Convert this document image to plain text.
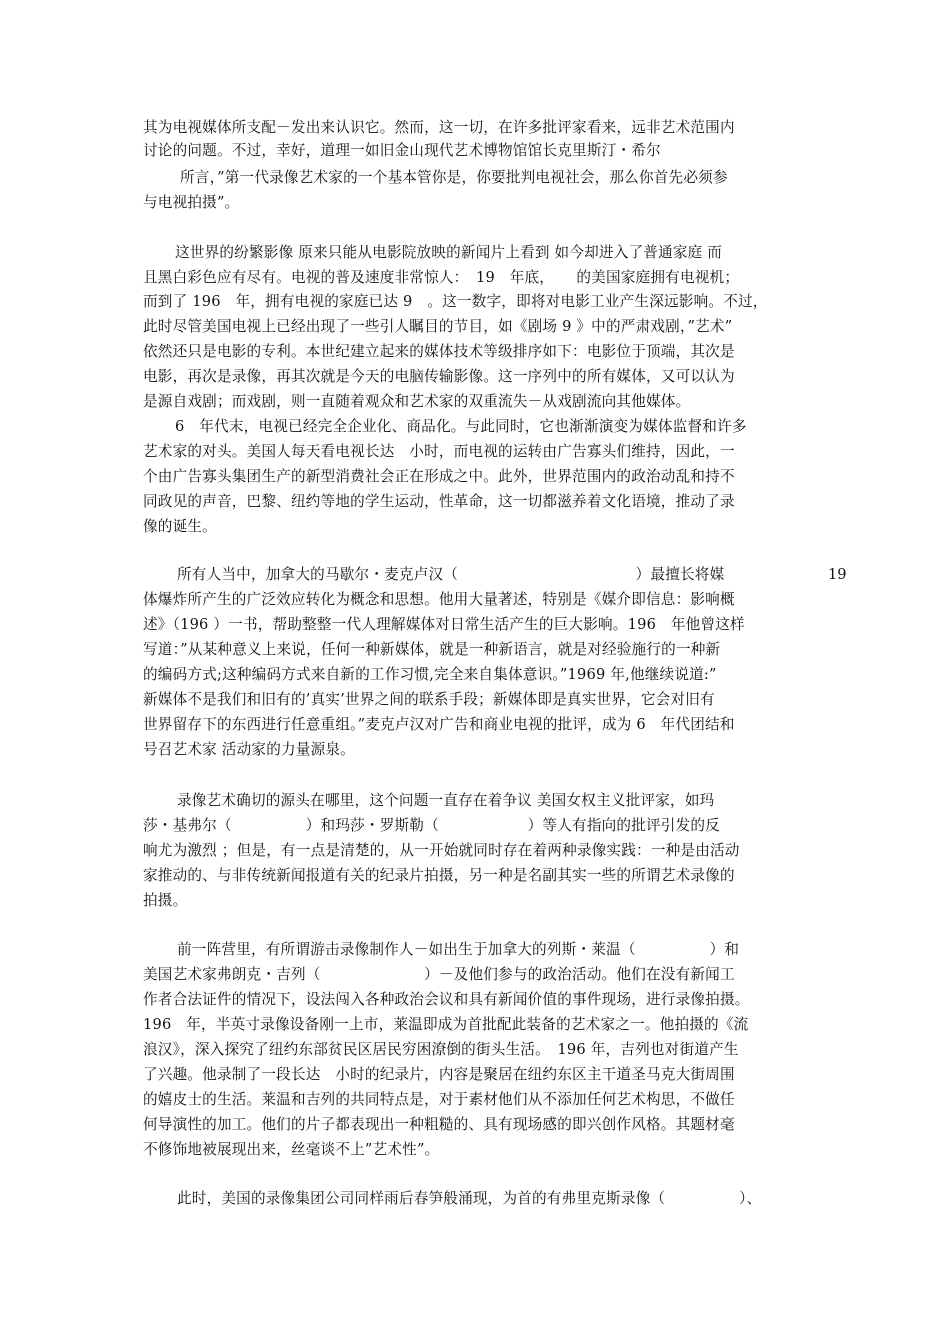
其为电视媒体所支配－发出来认识它。然而，这一切，在许多批评家看来，远非艺术范围内
讨论的问题。不过，幸好，道理一如旧金山现代艺术博物馆馆长克里斯汀・希尔
所言，”第一代录像艺术家的一个基本管你是，你要批判电视社会，那么你首先必须参
与电视拍摄”。
这世界的纷繁影像 原来只能从电影院放映的新闻片上看到 如今却进入了普通家庭 而
且黑白彩色应有尽有。电视的普及速度非常惊人：　19　年底，　　的美国家庭拥有电视机；
而到了 196　年，拥有电视的家庭已达 9　。这一数字，即将对电影工业产生深远影响。不过，
此时尽管美国电视上已经出现了一些引人瞩目的节目，如《剧场 9 》中的严肃戏剧，”艺术”
依然还只是电影的专利。本世纪建立起来的媒体技术等级排序如下：电影位于顶端，其次是
电影，再次是录像，再其次就是今天的电脑传输影像。这一序列中的所有媒体，又可以认为
是源自戏剧；而戏剧，则一直随着观众和艺术家的双重流失－从戏剧流向其他媒体。
6　年代末，电视已经完全企业化、商品化。与此同时，它也渐渐演变为媒体监督和许多
艺术家的对头。美国人每天看电视长达　小时，而电视的运转由广告寡头们维持，因此，一
个由广告寡头集团生产的新型消费社会正在形成之中。此外，世界范围内的政治动乱和持不
同政见的声音，巴黎、纽约等地的学生运动，性革命，这一切都滋养着文化语境，推动了录
像的诞生。
所有人当中，加拿大的马歇尔・麦克卢汉（　　　　　　　　　　　　）最擅长将媒	19
体爆炸所产生的广泛效应转化为概念和思想。他用大量著述，特别是《媒介即信息：影响概
述》（196 ）一书，帮助整整一代人理解媒体对日常生活产生的巨大影响。196　年他曾这样
写道：”从某种意义上来说，任何一种新媒体，就是一种新语言，就是对经验施行的一种新
的编码方式;这种编码方式来自新的工作习惯,完全来自集体意识。”1969 年,他继续说道:”
新媒体不是我们和旧有的’真实’世界之间的联系手段；新媒体即是真实世界，它会对旧有
世界留存下的东西进行任意重组。”麦克卢汉对广告和商业电视的批评，成为 6　年代团结和
号召艺术家 活动家的力量源泉。
录像艺术确切的源头在哪里，这个问题一直存在着争议 美国女权主义批评家，如玛
莎・基弗尔（　　　　　）和玛莎・罗斯勒（　　　　　　）等人有指向的批评引发的反
响尤为激烈 ；但是，有一点是清楚的，从一开始就同时存在着两种录像实践：一种是由活动
家推动的、与非传统新闻报道有关的纪录片拍摄，另一种是名副其实一些的所谓艺术录像的
拍摄。
前一阵营里，有所谓游击录像制作人－如出生于加拿大的列斯・莱温（　　　　　）和
美国艺术家弗朗克・吉列（　　　　　　　）－及他们参与的政治活动。他们在没有新闻工
作者合法证件的情况下，设法闯入各种政治会议和具有新闻价值的事件现场，进行录像拍摄。
196　年，半英寸录像设备刚一上市，莱温即成为首批配此装备的艺术家之一。他拍摄的《流
浪汉》，深入探究了纽约东部贫民区居民穷困潦倒的街头生活。　196 年，吉列也对街道产生
了兴趣。他录制了一段长达　小时的纪录片，内容是聚居在纽约东区主干道圣马克大街周围
的嬉皮士的生活。莱温和吉列的共同特点是，对于素材他们从不添加任何艺术构思，不做任
何导演性的加工。他们的片子都表现出一种粗糙的、具有现场感的即兴创作风格。其题材毫
不修饰地被展现出来，丝毫谈不上”艺术性”。
此时，美国的录像集团公司同样雨后春笋般涌现，为首的有弗里克斯录像（　　　　　）、
